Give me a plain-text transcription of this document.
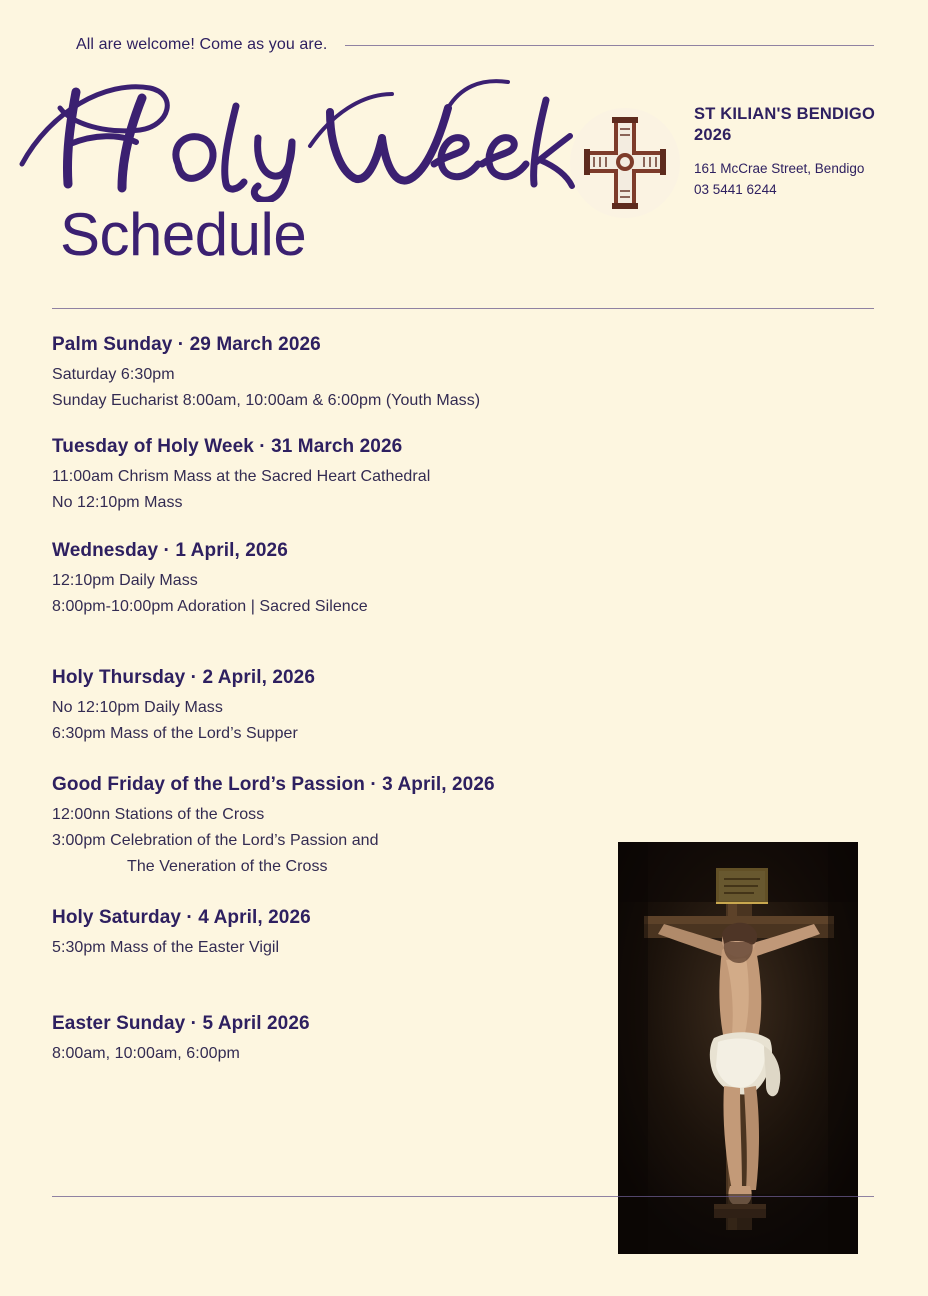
All are welcome! Come as you are.
Schedule
ST KILIAN'S BENDIGO
2026
161 McCrae Street, Bendigo
03 5441 6244
Palm Sunday · 29 March 2026
Saturday 6:30pm
Sunday Eucharist 8:00am, 10:00am & 6:00pm (Youth Mass)
Tuesday of Holy Week · 31 March 2026
11:00am Chrism Mass at the Sacred Heart Cathedral
No 12:10pm Mass
Wednesday · 1 April, 2026
12:10pm Daily Mass
8:00pm-10:00pm Adoration | Sacred Silence
Holy Thursday · 2 April, 2026
No 12:10pm Daily Mass
6:30pm Mass of the Lord’s Supper
Good Friday of the Lord’s Passion · 3 April, 2026
12:00nn Stations of the Cross
3:00pm Celebration of the Lord’s Passion and
The Veneration of the Cross
Holy Saturday · 4 April, 2026
5:30pm Mass of the Easter Vigil
Easter Sunday · 5 April 2026
8:00am, 10:00am, 6:00pm
